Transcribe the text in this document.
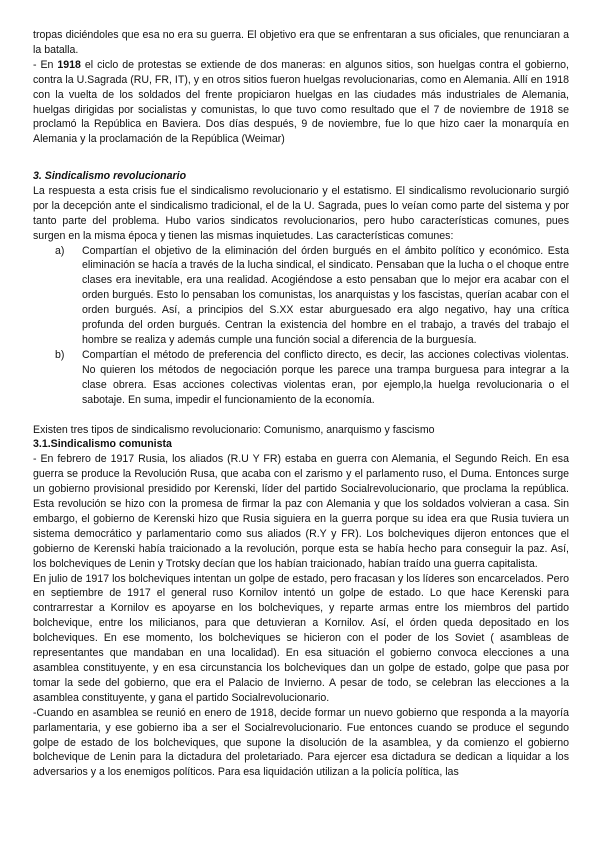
tropas diciéndoles que esa no era su guerra. El objetivo era que se enfrentaran a sus oficiales, que renunciaran a la batalla.

- En 1918 el ciclo de protestas se extiende de dos maneras: en algunos sitios, son huelgas contra el gobierno, contra la U.Sagrada (RU, FR, IT), y en otros sitios fueron huelgas revolucionarias, como en Alemania. Allí en 1918 con la vuelta de los soldados del frente propiciaron huelgas en las ciudades más industriales de Alemania, huelgas dirigidas por socialistas y comunistas, lo que tuvo como resultado que el 7 de noviembre de 1918 se proclamó la República en Baviera. Dos días después, 9 de noviembre, fue lo que hizo caer la monarquía en Alemania y la proclamación de la República (Weimar)

3. Sindicalismo revolucionario

La respuesta a esta crisis fue el sindicalismo revolucionario y el estatismo. El sindicalismo revolucionario surgió por la decepción ante el sindicalismo tradicional, el de la U. Sagrada, pues lo veían como parte del sistema y por tanto parte del problema. Hubo varios sindicatos revolucionarios, pero hubo características comunes, pues surgen en la misma época y tienen las mismas inquietudes. Las características comunes:

a) Compartían el objetivo de la eliminación del órden burgués en el ámbito político y económico. Esta eliminación se hacía a través de la lucha sindical, el sindicato. Pensaban que la lucha o el choque entre clases era inevitable, era una realidad. Acogiéndose a esto pensaban que lo mejor era acabar con el orden burgués. Esto lo pensaban los comunistas, los anarquistas y los fascistas, querían acabar con el orden burgués. Así, a principios del S.XX estar aburguesado era algo negativo, hay una crítica profunda del orden burgués. Centran la existencia del hombre en el trabajo, a través del trabajo el hombre se realiza y además cumple una función social a diferencia de la burguesía.
b) Compartían el método de preferencia del conflicto directo, es decir, las acciones colectivas violentas. No quieren los métodos de negociación porque les parece una trampa burguesa para integrar a la clase obrera. Esas acciones colectivas violentas eran, por ejemplo,la huelga revolucionaria o el sabotaje. En suma, impedir el funcionamiento de la economía.

Existen tres tipos de sindicalismo revolucionario: Comunismo, anarquismo y fascismo

3.1.Sindicalismo comunista

- En febrero de 1917 Rusia, los aliados (R.U Y FR) estaba en guerra con Alemania, el Segundo Reich. En esa guerra se produce la Revolución Rusa, que acaba con el zarismo y el parlamento ruso, el Duma. Entonces surge un gobierno provisional presidido por Kerenski, líder del partido Socialrevolucionario, que proclama la república. Esta revolución se hizo con la promesa de firmar la paz con Alemania y que los soldados volvieran a casa. Sin embargo, el gobierno de Kerenski hizo que Rusia siguiera en la guerra porque su idea era que Rusia tuviera un sistema democrático y parlamentario como sus aliados (R.Y y FR). Los bolcheviques dijeron entonces que el gobierno de Kerenski había traicionado a la revolución, porque esta se había hecho para conseguir la paz. Así, los bolcheviques de Lenin y Trotsky decían que los habían traicionado, habían traído una guerra capitalista.

En julio de 1917 los bolcheviques intentan un golpe de estado, pero fracasan y los líderes son encarcelados. Pero en septiembre de 1917 el general ruso Kornilov intentó un golpe de estado. Lo que hace Kerenski para contrarrestar a Kornilov es apoyarse en los bolcheviques, y reparte armas entre los miembros del partido bolchevique, entre los milicianos, para que detuvieran a Kornilov. Así, el órden queda depositado en los bolcheviques. En ese momento, los bolcheviques se hicieron con el poder de los Soviet ( asambleas de representantes que mandaban en una localidad). En esa situación el gobierno convoca elecciones a una asamblea constituyente, y en esa circunstancia los bolcheviques dan un golpe de estado, golpe que pasa por tomar la sede del gobierno, que era el Palacio de Invierno. A pesar de todo, se celebran las elecciones a la asamblea constituyente, y gana el partido Socialrevolucionario.

-Cuando en asamblea se reunió en enero de 1918, decide formar un nuevo gobierno que responda a la mayoría parlamentaria, y ese gobierno iba a ser el Socialrevolucionario. Fue entonces cuando se produce el segundo golpe de estado de los bolcheviques, que supone la disolución de la asamblea, y da comienzo el gobierno bolchevique de Lenin para la dictadura del proletariado. Para ejercer esa dictadura se dedican a liquidar a los adversarios y a los enemigos políticos. Para esa liquidación utilizan a la policía política, las
